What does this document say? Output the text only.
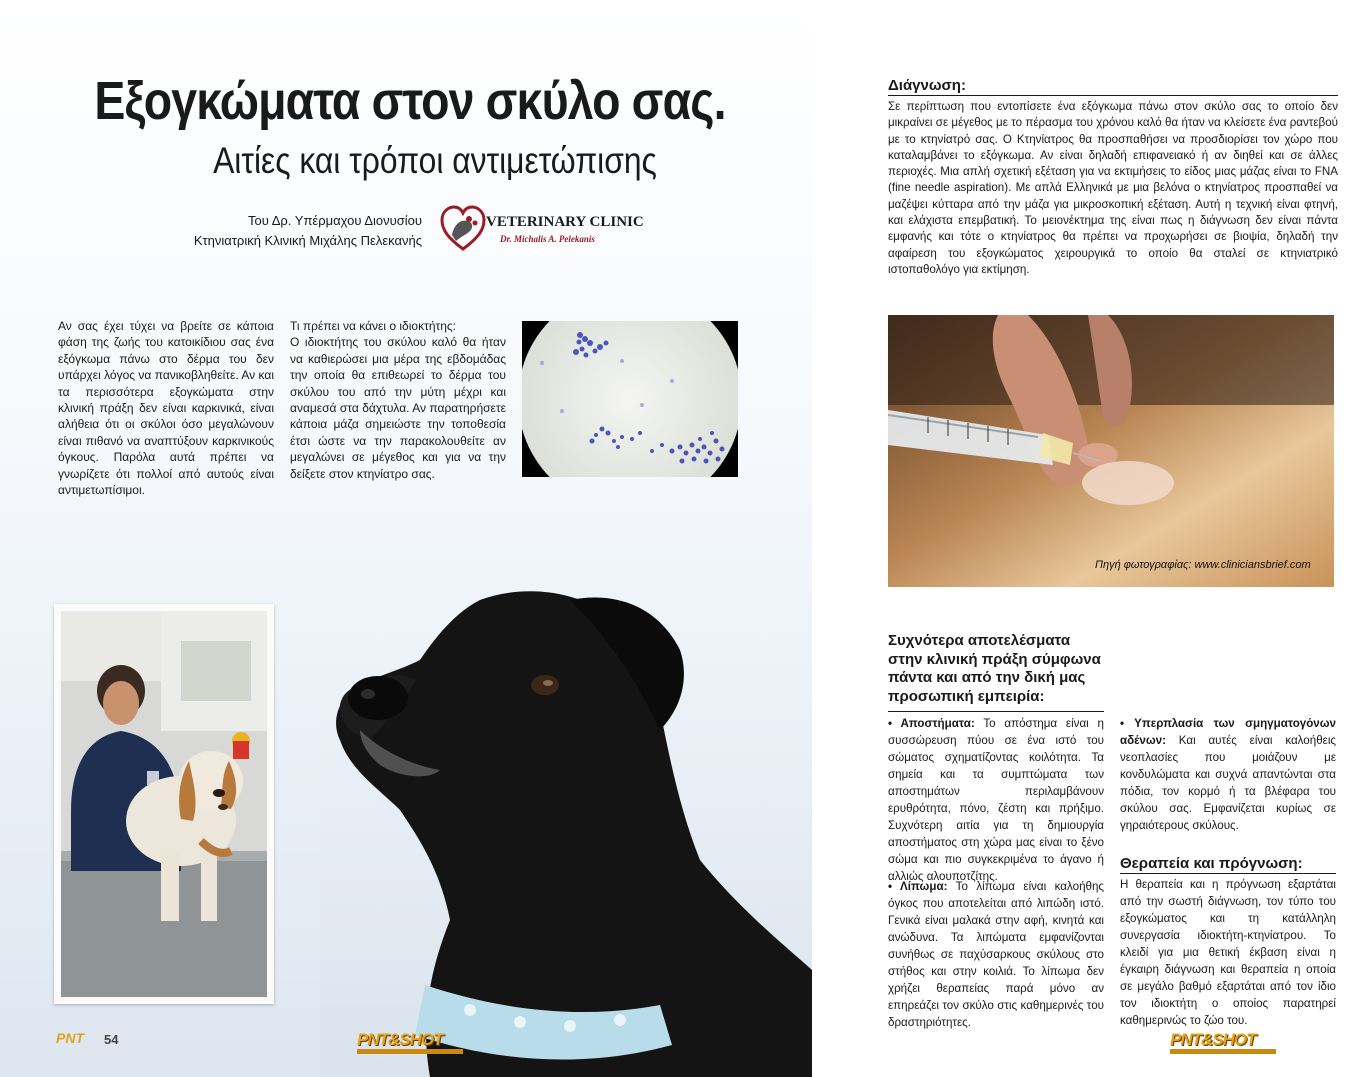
Εξογκώματα στον σκύλο σας.
Αιτίες και τρόποι αντιμετώπισης
Του Δρ. Υπέρμαχου Διονυσίου
Κτηνιατρική Κλινική Μιχάλης Πελεκανής
VETERINARY CLINIC
Dr. Michalis A. Pelekanis

Αν σας έχει τύχει να βρείτε σε κάποια φάση της ζωής του κατοικίδιου σας ένα εξόγκωμα πάνω στο δέρμα του δεν υπάρχει λόγος να πανικοβληθείτε. Αν και τα περισσότερα εξογκώματα στην κλινική πράξη δεν είναι καρκινικά, είναι αλήθεια ότι οι σκύλοι όσο μεγαλώνουν είναι πιθανό να αναπτύξουν καρκινικούς όγκους. Παρόλα αυτά πρέπει να γνωρίζετε ότι πολλοί από αυτούς είναι αντιμετωπίσιμοι.

Τι πρέπει να κάνει ο ιδιοκτήτης:

Ο ιδιοκτήτης του σκύλου καλό θα ήταν να καθιερώσει μια μέρα της εβδομάδας την οποία θα επιθεωρεί το δέρμα του σκύλου του από την μύτη μέχρι και αναμεσά στα δάχτυλα. Αν παρατηρήσετε κάποια μάζα σημειώστε την τοποθεσία έτσι ώστε να την παρακολουθείτε αν μεγαλώνει σε μέγεθος και για να την δείξετε στον κτηνίατρο σας.

PNT 54	PNT&SHOT
Διάγνωση:

Σε περίπτωση που εντοπίσετε ένα εξόγκωμα πάνω στον σκύλο σας το οποίο δεν μικραίνει σε μέγεθος με το πέρασμα του χρόνου καλό θα ήταν να κλείσετε ένα ραντεβού με το κτηνίατρό σας. Ο Κτηνίατρος θα προσπαθήσει να προσδιορίσει τον χώρο που καταλαμβάνει το εξόγκωμα. Αν είναι δηλαδή επιφανειακό ή αν διηθεί και σε άλλες περιοχές. Μια απλή σχετική εξέταση για να εκτιμήσεις το είδος μιας μάζας είναι το FNA (fine needle aspiration). Με απλά Ελληνικά με μια βελόνα ο κτηνίατρος προσπαθεί να μαζέψει κύτταρα από την μάζα για μικροσκοπική εξέταση. Αυτή η τεχνική είναι φτηνή, και ελάχιστα επεμβατική. Το μειονέκτημα της είναι πως η διάγνωση δεν είναι πάντα εμφανής και τότε ο κτηνίατρος θα πρέπει να προχωρήσει σε βιοψία, δηλαδή την αφαίρεση του εξογκώματος χειρουργικά το οποίο θα σταλεί σε κτηνιατρικό ιστοπαθολόγο για εκτίμηση.

Συχνότερα αποτελέσματα στην κλινική πράξη σύμφωνα πάντα και από την δική μας προσωπική εμπειρία:

• Αποστήματα: Το απόστημα είναι η συσσώρευση πύου σε ένα ιστό του σώματος σχηματίζοντας κοιλότητα. Τα σημεία και τα συμπτώματα των αποστημάτων περιλαμβάνουν ερυθρότητα, πόνο, ζέστη και πρήξιμο. Συχνότερη αιτία για τη δημιουργία αποστήματος στη χώρα μας είναι το ξένο σώμα και πιο συγκεκριμένα το άγανο ή αλλιώς αλουποτζίτης.

• Λίπωμα: Το λίπωμα είναι καλοήθης όγκος που αποτελείται από λιπώδη ιστό. Γενικά είναι μαλακά στην αφή, κινητά και ανώδυνα. Τα λιπώματα εμφανίζονται συνήθως σε παχύσαρκους σκύλους στο στήθος και στην κοιλιά. Το λίπωμα δεν χρήζει θεραπείας παρά μόνο αν επηρεάζει τον σκύλο στις καθημερινές του δραστηριότητες.

• Υπερπλασία των σμηγματογόνων αδένων: Και αυτές είναι καλοήθεις νεοπλασίες που μοιάζουν με κονδυλώματα και συχνά απαντώνται στα πόδια, τον κορμό ή τα βλέφαρα του σκύλου σας. Εμφανίζεται κυρίως σε γηραιότερους σκύλους.

Θεραπεία και πρόγνωση:

Η θεραπεία και η πρόγνωση εξαρτάται από την σωστή διάγνωση, τον τύπο του εξογκώματος και τη κατάλληλη συνεργασία ιδιοκτήτη-κτηνίατρου. Το κλειδί για μια θετική έκβαση είναι η έγκαιρη διάγνωση και θεραπεία η οποία σε μεγάλο βαθμό εξαρτάται από τον ίδιο τον ιδιοκτήτη ο οποίος παρατηρεί καθημερινώς το ζώο του.

PNT&SHOT
Πηγή φωτογραφίας: www.cliniciansbrief.com
